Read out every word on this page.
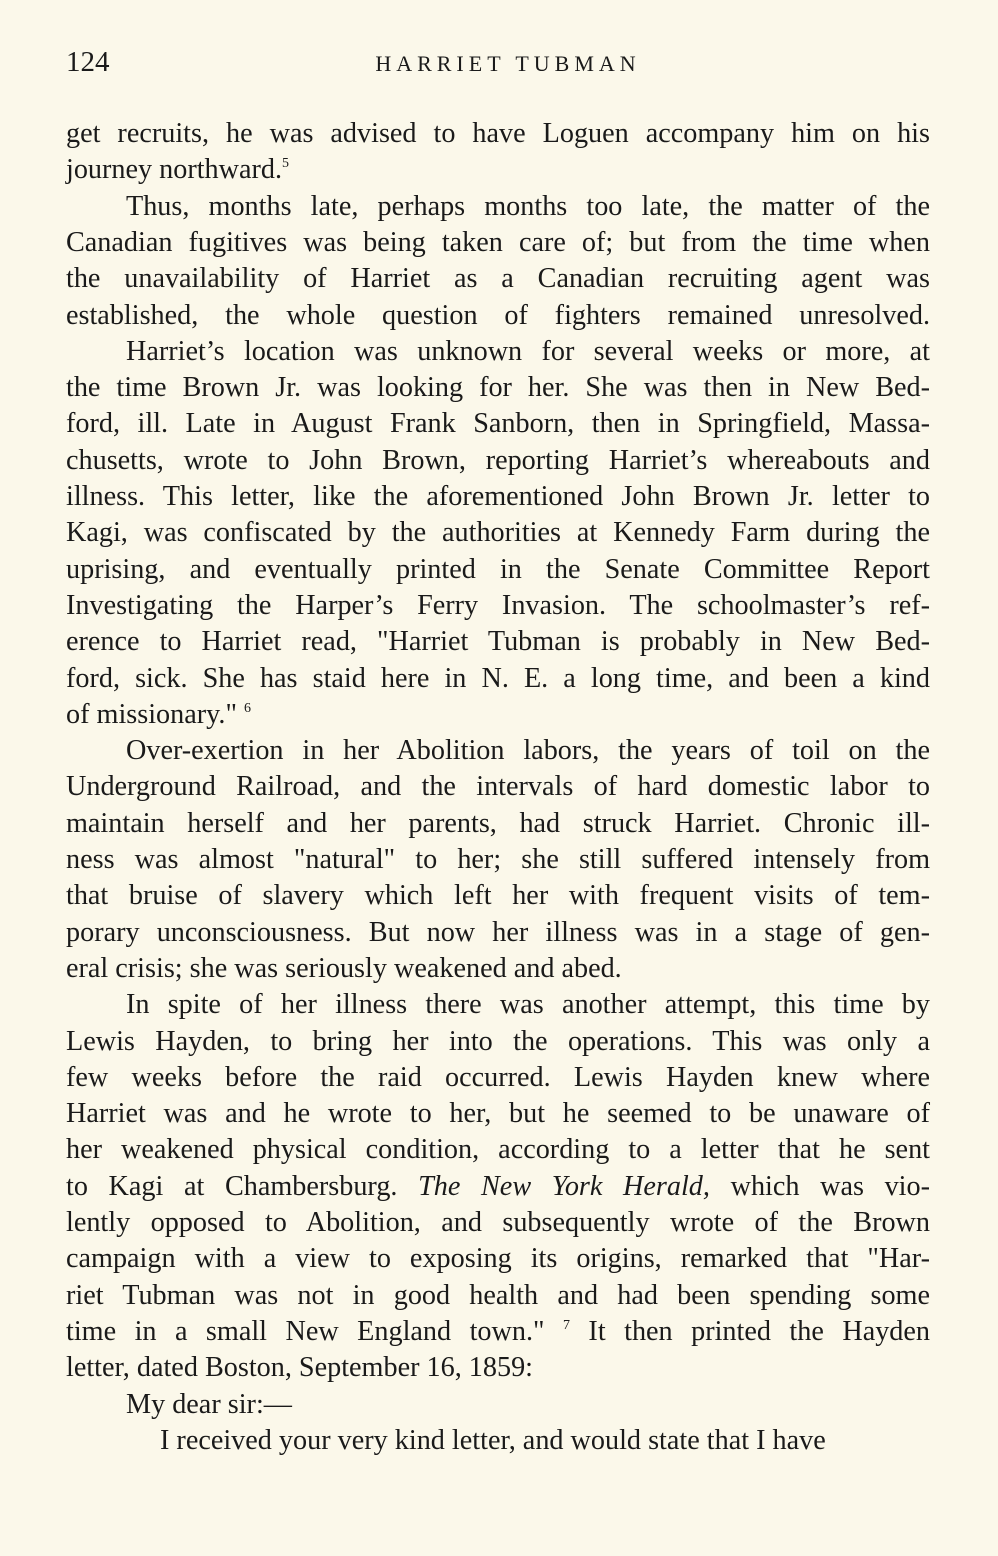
124	HARRIET TUBMAN
get recruits, he was advised to have Loguen accompany him on his
journey northward.$^5$
Thus, months late, perhaps months too late, the matter of the
Canadian fugitives was being taken care of; but from the time when
the unavailability of Harriet as a Canadian recruiting agent was
established, the whole question of fighters remained unresolved.
Harriet’s location was unknown for several weeks or more, at
the time Brown Jr. was looking for her. She was then in New Bed-
ford, ill. Late in August Frank Sanborn, then in Springfield, Massa-
chusetts, wrote to John Brown, reporting Harriet’s whereabouts and
illness. This letter, like the aforementioned John Brown Jr. letter to
Kagi, was confiscated by the authorities at Kennedy Farm during the
uprising, and eventually printed in the Senate Committee Report
Investigating the Harper’s Ferry Invasion. The schoolmaster’s ref-
erence to Harriet read, "Harriet Tubman is probably in New Bed-
ford, sick. She has staid here in N. E. a long time, and been a kind
of missionary." $^6$
Over-exertion in her Abolition labors, the years of toil on the
Underground Railroad, and the intervals of hard domestic labor to
maintain herself and her parents, had struck Harriet. Chronic ill-
ness was almost "natural" to her; she still suffered intensely from
that bruise of slavery which left her with frequent visits of tem-
porary unconsciousness. But now her illness was in a stage of gen-
eral crisis; she was seriously weakened and abed.
In spite of her illness there was another attempt, this time by
Lewis Hayden, to bring her into the operations. This was only a
few weeks before the raid occurred. Lewis Hayden knew where
Harriet was and he wrote to her, but he seemed to be unaware of
her weakened physical condition, according to a letter that he sent
to Kagi at Chambersburg. The New York Herald, which was vio-
lently opposed to Abolition, and subsequently wrote of the Brown
campaign with a view to exposing its origins, remarked that "Har-
riet Tubman was not in good health and had been spending some
time in a small New England town." $^7$ It then printed the Hayden
letter, dated Boston, September 16, 1859:
My dear sir:—
I received your very kind letter, and would state that I have
